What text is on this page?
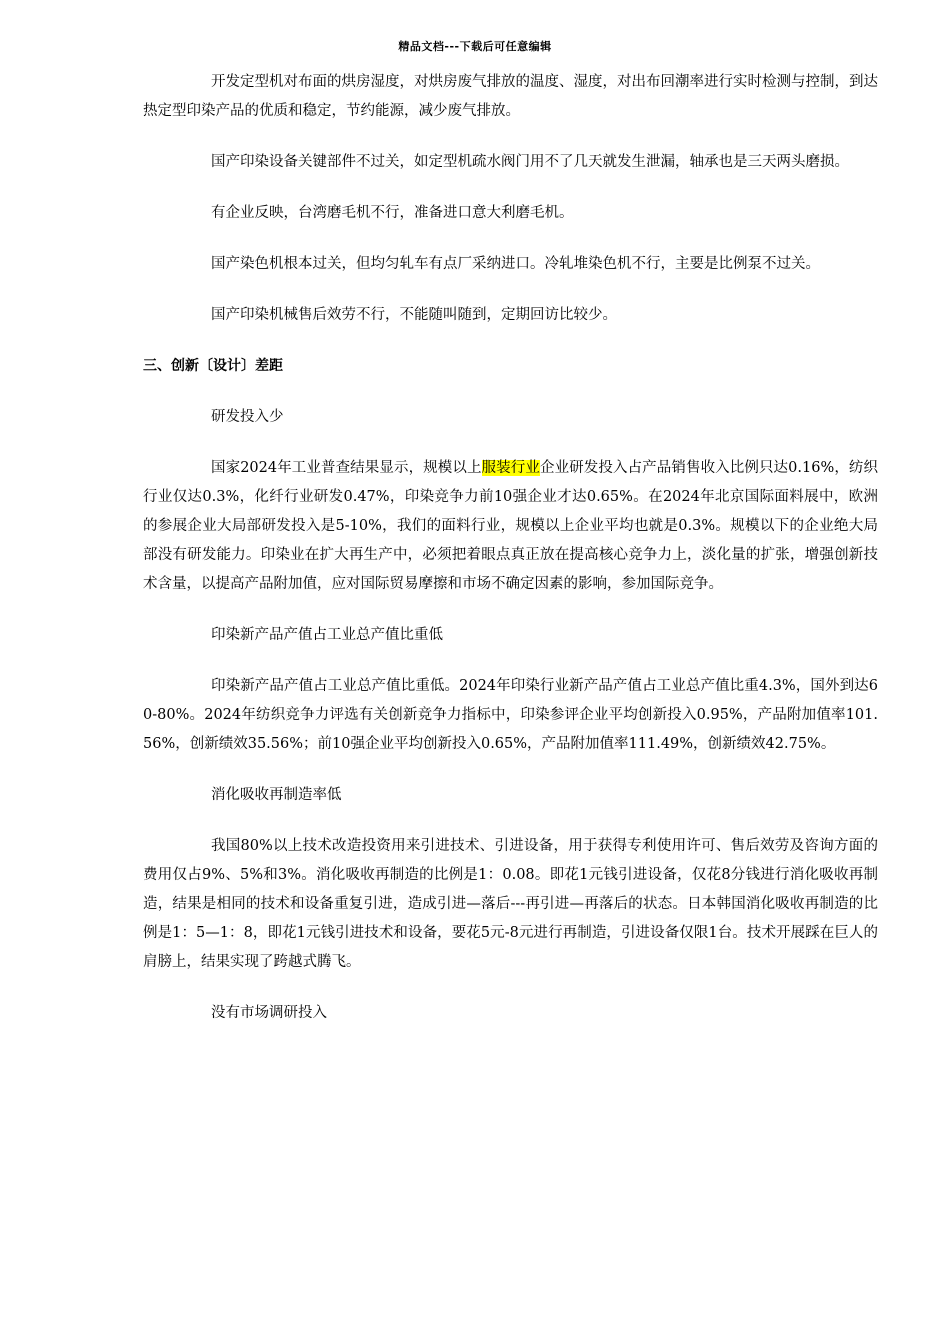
精品文档---下载后可任意编辑

开发定型机对布面的烘房湿度，对烘房废气排放的温度、湿度，对出布回潮率进行实时检测与控制，到达热定型印染产品的优质和稳定，节约能源，减少废气排放。

国产印染设备关键部件不过关，如定型机疏水阀门用不了几天就发生泄漏，轴承也是三天两头磨损。

有企业反映，台湾磨毛机不行，准备进口意大利磨毛机。

国产染色机根本过关，但均匀轧车有点厂采纳进口。冷轧堆染色机不行，主要是比例泵不过关。

国产印染机械售后效劳不行，不能随叫随到，定期回访比较少。

三、创新〔设计〕差距

研发投入少

国家2024年工业普查结果显示，规模以上服装行业企业研发投入占产品销售收入比例只达0.16%，纺织行业仅达0.3%，化纤行业研发0.47%，印染竞争力前10强企业才达0.65%。在2024年北京国际面料展中，欧洲的参展企业大局部研发投入是5-10%，我们的面料行业，规模以上企业平均也就是0.3%。规模以下的企业绝大局部没有研发能力。印染业在扩大再生产中，必须把着眼点真正放在提高核心竞争力上，淡化量的扩张，增强创新技术含量，以提高产品附加值，应对国际贸易摩擦和市场不确定因素的影响，参加国际竞争。

印染新产品产值占工业总产值比重低

印染新产品产值占工业总产值比重低。2024年印染行业新产品产值占工业总产值比重4.3%，国外到达60-80%。2024年纺织竞争力评选有关创新竞争力指标中，印染参评企业平均创新投入0.95%，产品附加值率101.56%，创新绩效35.56%；前10强企业平均创新投入0.65%，产品附加值率111.49%，创新绩效42.75%。

消化吸收再制造率低

我国80%以上技术改造投资用来引进技术、引进设备，用于获得专利使用许可、售后效劳及咨询方面的费用仅占9%、5%和3%。消化吸收再制造的比例是1：0.08。即花1元钱引进设备，仅花8分钱进行消化吸收再制造，结果是相同的技术和设备重复引进，造成引进—落后---再引进—再落后的状态。日本韩国消化吸收再制造的比例是1：5—1：8，即花1元钱引进技术和设备，要花5元-8元进行再制造，引进设备仅限1台。技术开展踩在巨人的肩膀上，结果实现了跨越式腾飞。

没有市场调研投入
